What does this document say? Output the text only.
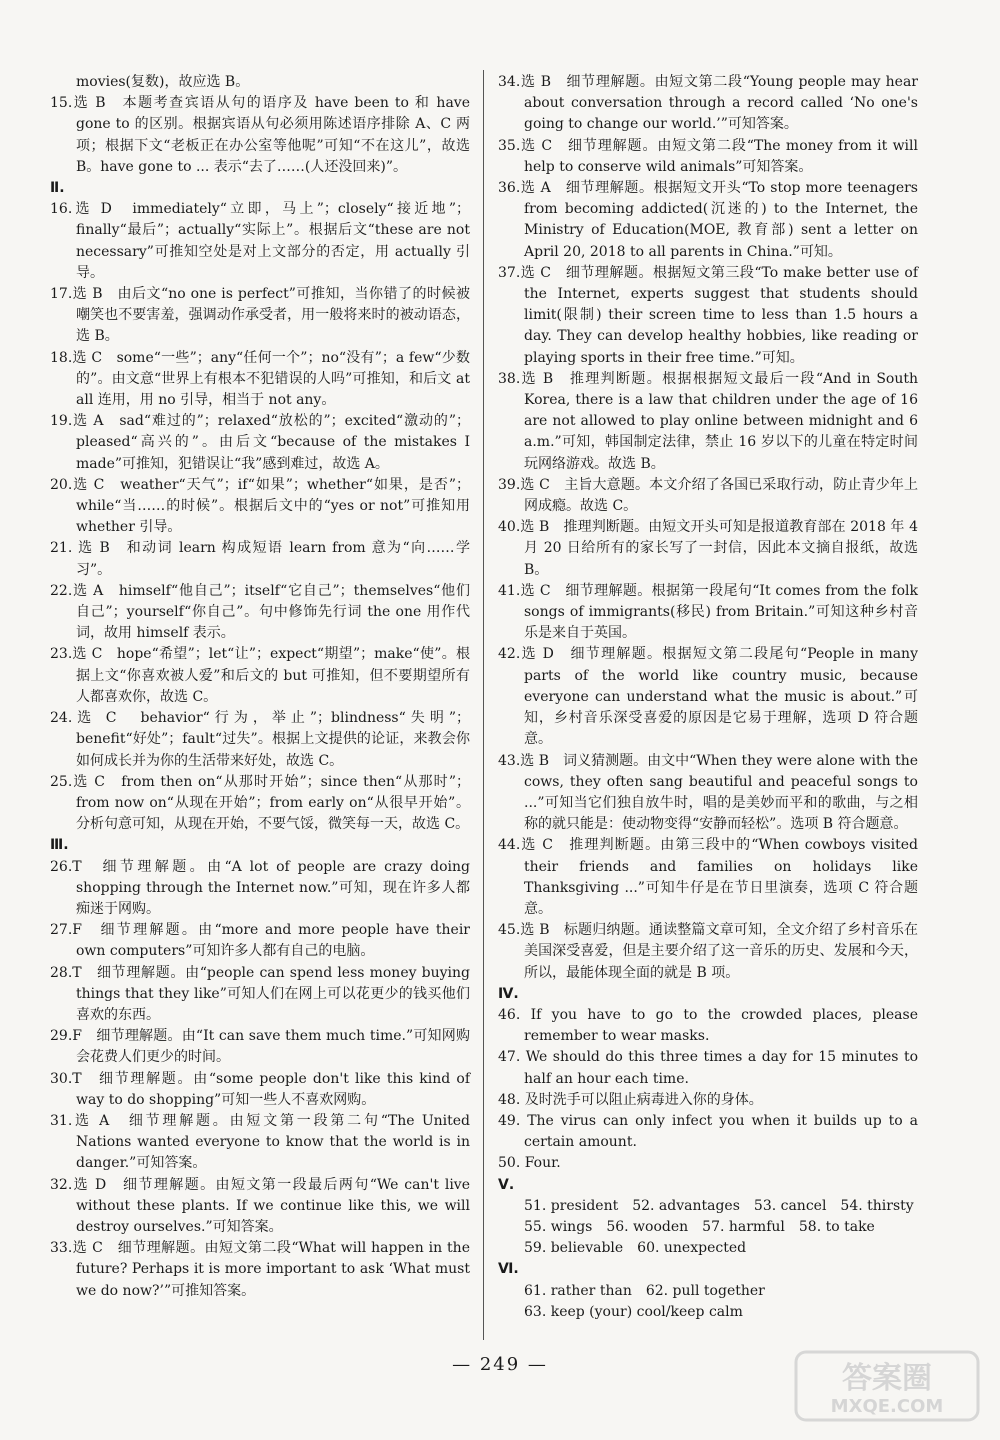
movies(复数)，故应选 B。
15.选 B　本题考查宾语从句的语序及 have been to 和 have gone to 的区别。根据宾语从句必须用陈述语序排除 A、C 两项；根据下文“老板正在办公室等他呢”可知“不在这儿”，故选 B。have gone to ... 表示“去了……(人还没回来)”。
Ⅱ.
16.选 D　immediately“立即，马上”；closely“接近地”；finally“最后”；actually“实际上”。根据后文“these are not necessary”可推知空处是对上文部分的否定，用 actually 引导。
17.选 B　由后文“no one is perfect”可推知，当你错了的时候被嘲笑也不要害羞，强调动作承受者，用一般将来时的被动语态，选 B。
18.选 C　some“一些”；any“任何一个”；no“没有”；a few“少数的”。由文意“世界上有根本不犯错误的人吗”可推知，和后文 at all 连用，用 no 引导，相当于 not any。
19.选 A　sad“难过的”；relaxed“放松的”；excited“激动的”；pleased“高兴的”。由后文“because of the mistakes I made”可推知，犯错误让“我”感到难过，故选 A。
20.选 C　weather“天气”；if“如果”；whether“如果，是否”；while“当……的时候”。根据后文中的“yes or not”可推知用 whether 引导。
21. 选 B　和动词 learn 构成短语 learn from 意为“向……学习”。
22.选 A　himself“他自己”；itself“它自己”；themselves“他们自己”；yourself“你自己”。句中修饰先行词 the one 用作代词，故用 himself 表示。
23.选 C　hope“希望”；let“让”；expect“期望”；make“使”。根据上文“你喜欢被人爱”和后文的 but 可推知，但不要期望所有人都喜欢你，故选 C。
24.选 C　behavior“行为，举止”；blindness“失明”；benefit“好处”；fault“过失”。根据上文提供的论证，来教会你如何成长并为你的生活带来好处，故选 C。
25.选 C　from then on“从那时开始”；since then“从那时”；from now on“从现在开始”；from early on“从很早开始”。分析句意可知，从现在开始，不要气馁，微笑每一天，故选 C。
Ⅲ.
26.T　细节理解题。由“A lot of people are crazy doing shopping through the Internet now.”可知，现在许多人都痴迷于网购。
27.F　细节理解题。由“more and more people have their own computers”可知许多人都有自己的电脑。
28.T　细节理解题。由“people can spend less money buying things that they like”可知人们在网上可以花更少的钱买他们喜欢的东西。
29.F　细节理解题。由“It can save them much time.”可知网购会花费人们更少的时间。
30.T　细节理解题。由“some people don't like this kind of way to do shopping”可知一些人不喜欢网购。
31.选 A　细节理解题。由短文第一段第二句“The United Nations wanted everyone to know that the world is in danger.”可知答案。
32.选 D　细节理解题。由短文第一段最后两句“We can't live without these plants. If we continue like this, we will destroy ourselves.”可知答案。
33.选 C　细节理解题。由短文第二段“What will happen in the future? Perhaps it is more important to ask ‘What must we do now?’”可推知答案。
34.选 B　细节理解题。由短文第二段“Young people may hear about conversation through a record called ‘No one's going to change our world.’”可知答案。
35.选 C　细节理解题。由短文第二段“The money from it will help to conserve wild animals”可知答案。
36.选 A　细节理解题。根据短文开头“To stop more teenagers from becoming addicted(沉迷的) to the Internet, the Ministry of Education(MOE, 教育部) sent a letter on April 20, 2018 to all parents in China.”可知。
37.选 C　细节理解题。根据短文第三段“To make better use of the Internet, experts suggest that students should limit(限制) their screen time to less than 1.5 hours a day. They can develop healthy hobbies, like reading or playing sports in their free time.”可知。
38.选 B　推理判断题。根据根据短文最后一段“And in South Korea, there is a law that children under the age of 16 are not allowed to play online between midnight and 6 a.m.”可知，韩国制定法律，禁止 16 岁以下的儿童在特定时间玩网络游戏。故选 B。
39.选 C　主旨大意题。本文介绍了各国已采取行动，防止青少年上网成瘾。故选 C。
40.选 B　推理判断题。由短文开头可知是报道教育部在 2018 年 4 月 20 日给所有的家长写了一封信，因此本文摘自报纸，故选 B。
41.选 C　细节理解题。根据第一段尾句“It comes from the folk songs of immigrants(移民) from Britain.”可知这种乡村音乐是来自于英国。
42.选 D　细节理解题。根据短文第二段尾句“People in many parts of the world like country music, because everyone can understand what the music is about.”可知，乡村音乐深受喜爱的原因是它易于理解，选项 D 符合题意。
43.选 B　词义猜测题。由文中“When they were alone with the cows, they often sang beautiful and peaceful songs to ...”可知当它们独自放牛时，唱的是美妙而平和的歌曲，与之相称的就只能是：使动物变得“安静而轻松”。选项 B 符合题意。
44.选 C　推理判断题。由第三段中的“When cowboys visited their friends and families on holidays like Thanksgiving ...”可知牛仔是在节日里演奏，选项 C 符合题意。
45.选 B　标题归纳题。通读整篇文章可知，全文介绍了乡村音乐在美国深受喜爱，但是主要介绍了这一音乐的历史、发展和今天，所以，最能体现全面的就是 B 项。
Ⅳ.
46. If you have to go to the crowded places, please remember to wear masks.
47. We should do this three times a day for 15 minutes to half an hour each time.
48. 及时洗手可以阻止病毒进入你的身体。
49. The virus can only infect you when it builds up to a certain amount.
50. Four.
Ⅴ.
51. president　52. advantages　53. cancel　54. thirsty
55. wings　56. wooden　57. harmful　58. to take
59. believable　60. unexpected
Ⅵ.
61. rather than　62. pull together
63. keep (your) cool/keep calm
— 249 —	答案圈
MXQE.COM
